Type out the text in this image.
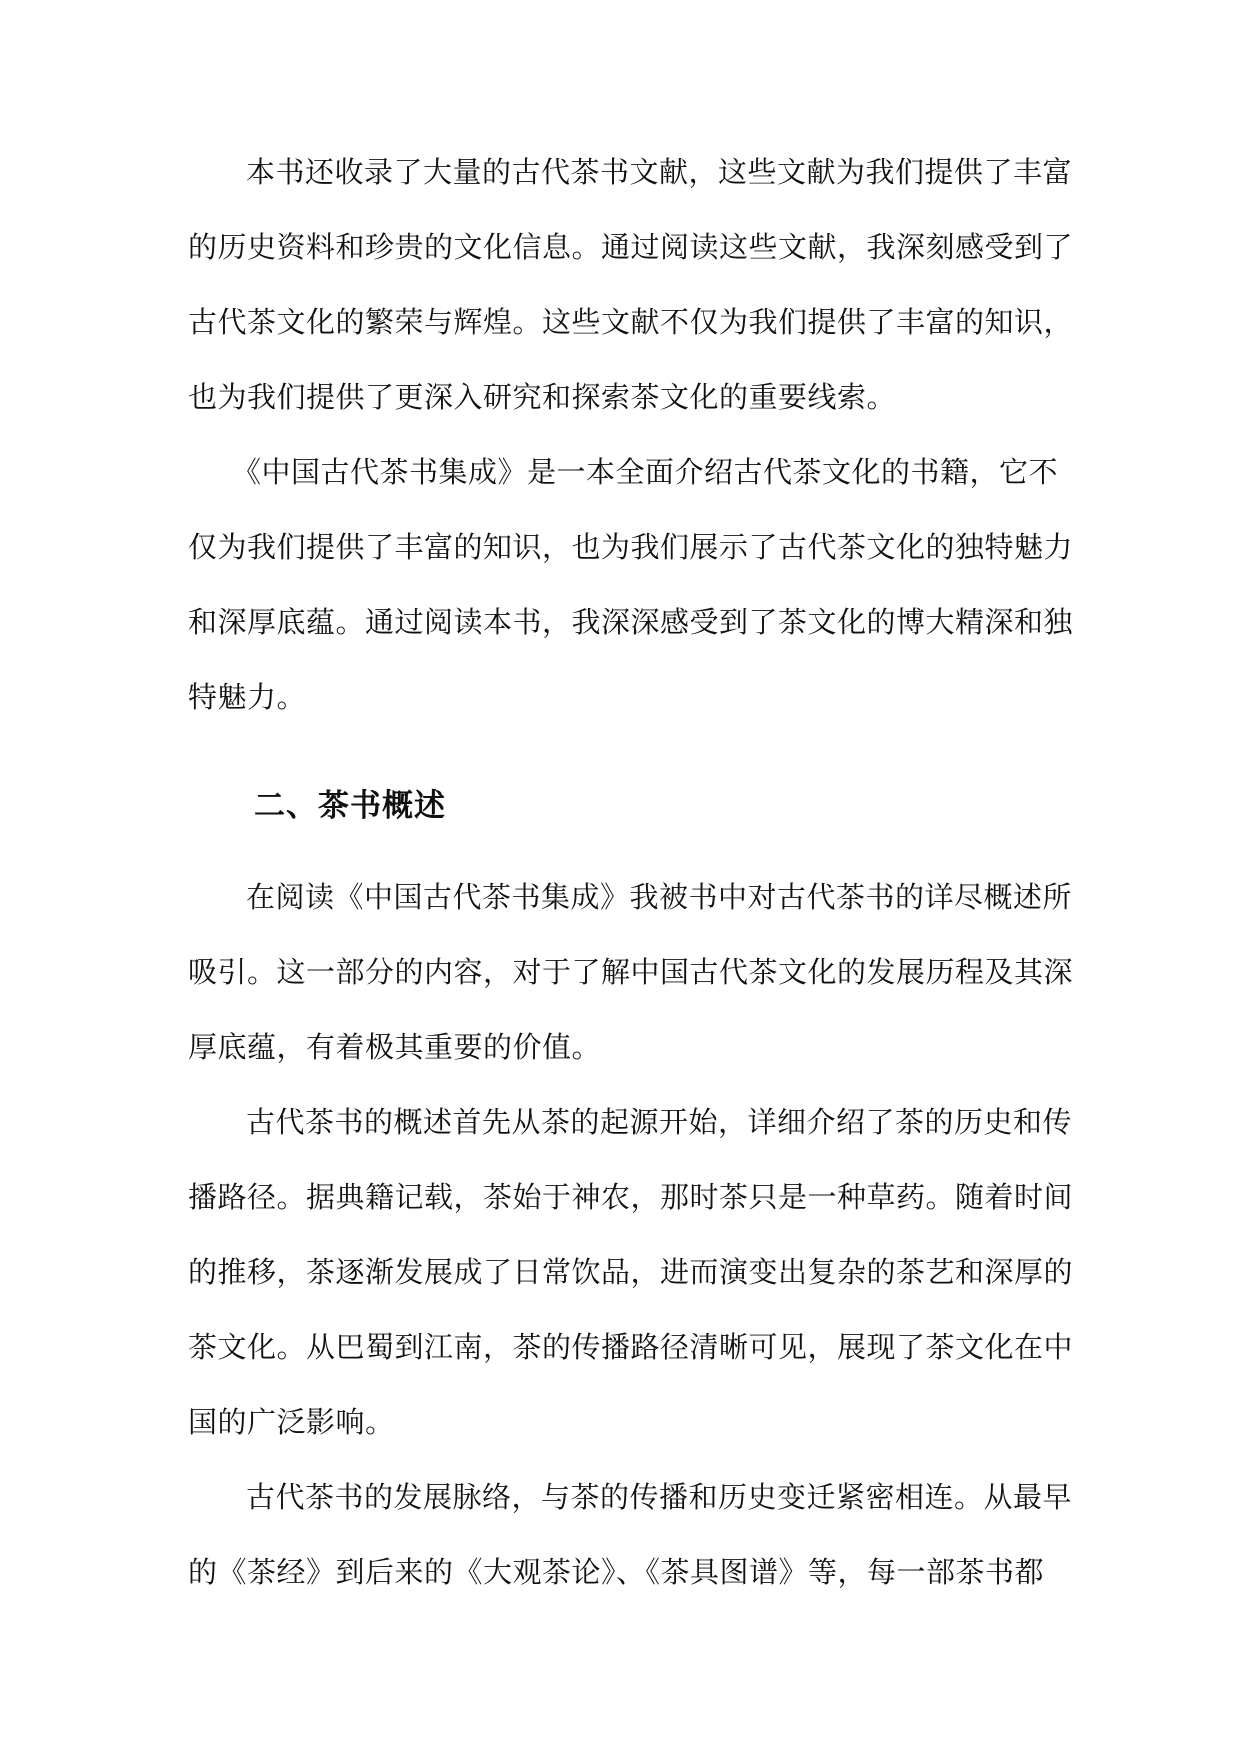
本书还收录了大量的古代茶书文献，这些文献为我们提供了丰富
的历史资料和珍贵的文化信息。通过阅读这些文献，我深刻感受到了
古代茶文化的繁荣与辉煌。这些文献不仅为我们提供了丰富的知识，
也为我们提供了更深入研究和探索茶文化的重要线索。
《中国古代茶书集成》是一本全面介绍古代茶文化的书籍，它不
仅为我们提供了丰富的知识，也为我们展示了古代茶文化的独特魅力
和深厚底蕴。通过阅读本书，我深深感受到了茶文化的博大精深和独
特魅力。
二、茶书概述
在阅读《中国古代茶书集成》我被书中对古代茶书的详尽概述所
吸引。这一部分的内容，对于了解中国古代茶文化的发展历程及其深
厚底蕴，有着极其重要的价值。
古代茶书的概述首先从茶的起源开始，详细介绍了茶的历史和传
播路径。据典籍记载，茶始于神农，那时茶只是一种草药。随着时间
的推移，茶逐渐发展成了日常饮品，进而演变出复杂的茶艺和深厚的
茶文化。从巴蜀到江南，茶的传播路径清晰可见，展现了茶文化在中
国的广泛影响。
古代茶书的发展脉络，与茶的传播和历史变迁紧密相连。从最早
的《茶经》到后来的《大观茶论》、《茶具图谱》等，每一部茶书都
